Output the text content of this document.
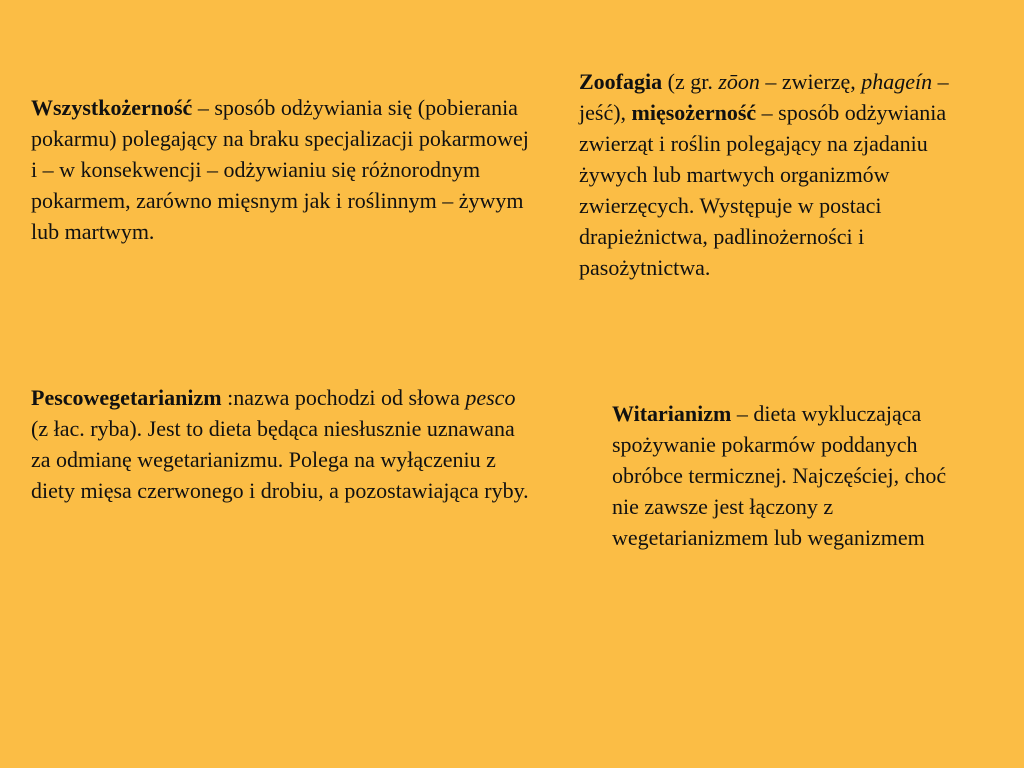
Wszystkożerność – sposób odżywiania się (pobierania pokarmu) polegający na braku specjalizacji pokarmowej i – w konsekwencji – odżywianiu się różnorodnym pokarmem, zarówno mięsnym jak i roślinnym – żywym lub martwym.

Zoofagia (z gr. zōon – zwierzę, phageín – jeść), mięsożerność – sposób odżywiania zwierząt i roślin polegający na zjadaniu żywych lub martwych organizmów zwierzęcych. Występuje w postaci drapieżnictwa, padlinożerności i pasożytnictwa.

Pescowegetarianizm :nazwa pochodzi od słowa pesco (z łac. ryba). Jest to dieta będąca niesłusznie uznawana za odmianę wegetarianizmu. Polega na wyłączeniu z diety mięsa czerwonego i drobiu, a pozostawiająca ryby.

Witarianizm – dieta wykluczająca spożywanie pokarmów poddanych obróbce termicznej. Najczęściej, choć nie zawsze jest łączony z wegetarianizmem lub weganizmem
